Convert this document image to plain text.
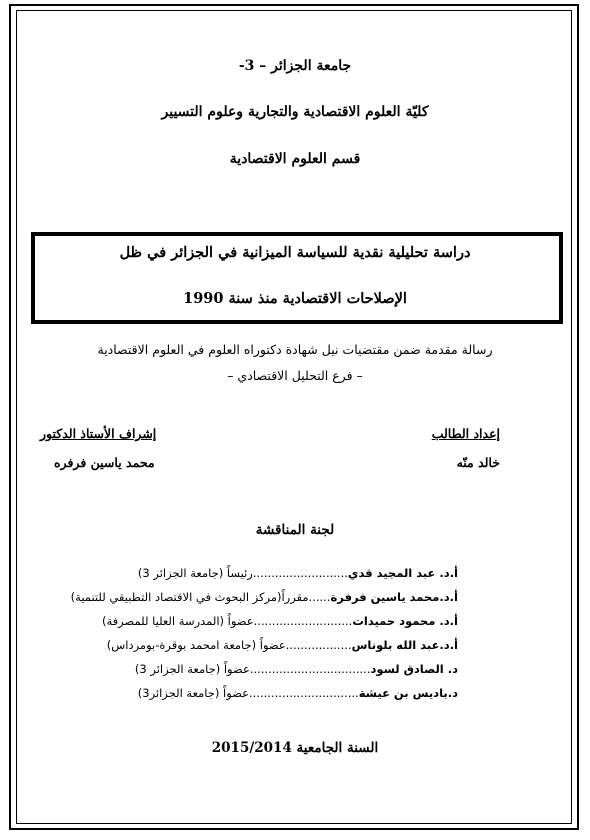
جامعة الجزائر – 3-
كليّة العلوم الاقتصادية والتجارية وعلوم التسيير
قسم العلوم الاقتصادية
دراسة تحليلية نقدية للسياسة الميزانية في الجزائر في ظل
الإصلاحات الاقتصادية منذ سنة 1990
رسالة مقدمة ضمن مقتضيات نيل شهادة دكتوراه العلوم في العلوم الاقتصادية
– فرع التحليل الاقتصادي –
إعداد الطالب
خالد منّه
إشراف الأستاذ الدكتور
محمد ياسين فرفره
لجنة المناقشة
أ.د. عبد المجيد قدي..........................رئيساً (جامعة الجزائر 3)
أ.د.محمد ياسين فرفرة......مقرراً(مركز البحوث في الاقتصاد التطبيقي للتنمية)
أ.د. محمود حميدات...........................عضواً (المدرسة العليا للمصرفة)
أ.د.عبد الله بلوناس..................عضواً (جامعة امحمد بوقرة-بومرداس)
د. الصادق لسود.................................عضواً (جامعة الجزائر 3)
د.باديس بن عيشة..............................عضواً (جامعة الجزائر3)
السنة الجامعية 2015/2014
